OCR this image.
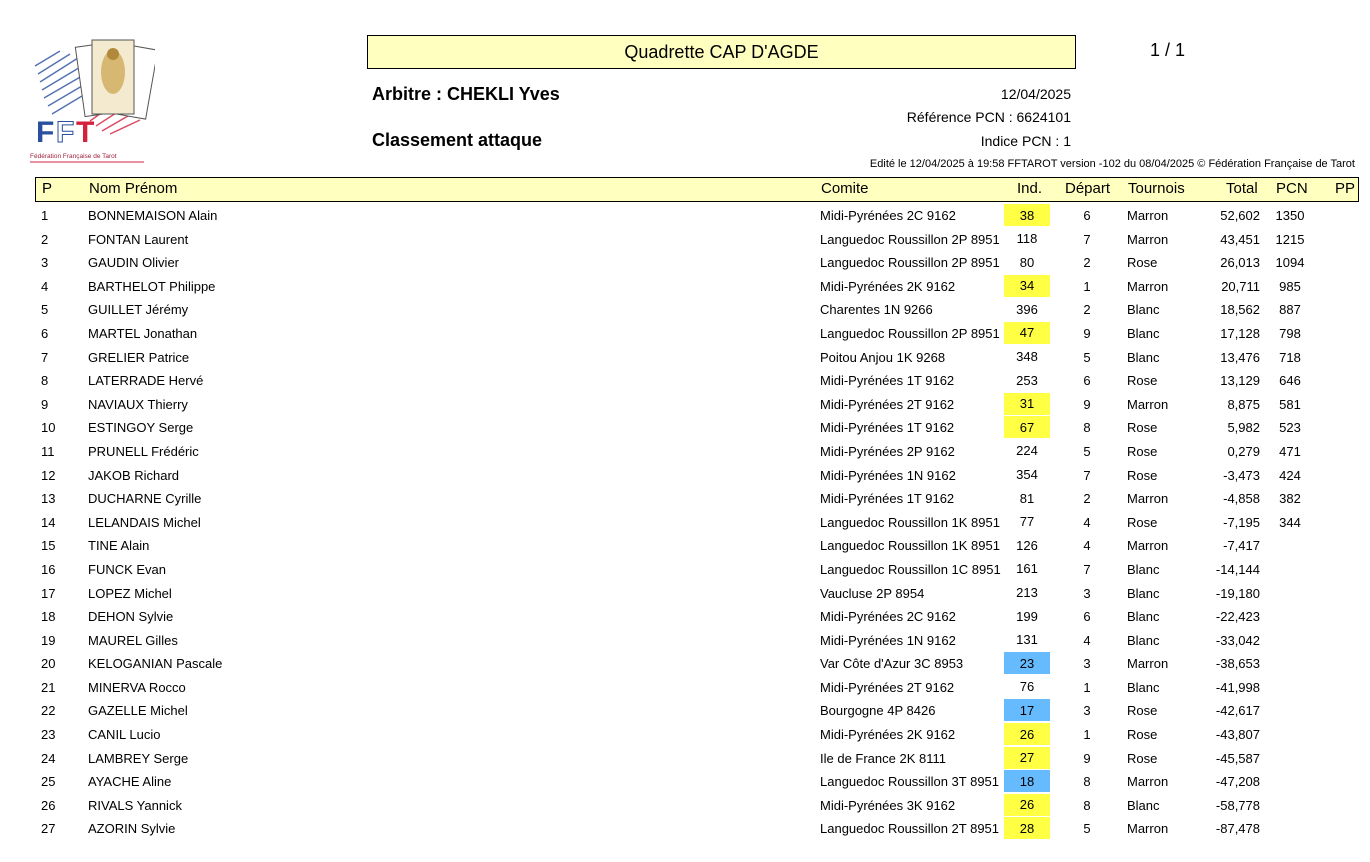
F F T
Fédération Française de Tarot
Quadrette CAP D'AGDE	1 / 1
Arbitre : CHEKLI Yves
Classement attaque
12/04/2025
Référence PCN : 6624101
Indice PCN : 1
Edité le 12/04/2025 à 19:58 FFTAROT version -102 du 08/04/2025 © Fédération Française de Tarot
P Nom Prénom	Comite	Ind. Départ Tournois	Total PCN PP
1	BONNEMAISON Alain	Midi-Pyrénées 2C 9162	38	6	Marron	52,602	1350
2	FONTAN Laurent	Languedoc Roussillon 2P 8951	118	7	Marron	43,451	1215
3	GAUDIN Olivier	Languedoc Roussillon 2P 8951	80	2	Rose	26,013	1094
4	BARTHELOT Philippe	Midi-Pyrénées 2K 9162	34	1	Marron	20,711	985
5	GUILLET Jérémy	Charentes 1N 9266	396	2	Blanc	18,562	887
6	MARTEL Jonathan	Languedoc Roussillon 2P 8951	47	9	Blanc	17,128	798
7	GRELIER Patrice	Poitou Anjou 1K 9268	348	5	Blanc	13,476	718
8	LATERRADE Hervé	Midi-Pyrénées 1T 9162	253	6	Rose	13,129	646
9	NAVIAUX Thierry	Midi-Pyrénées 2T 9162	31	9	Marron	8,875	581
10	ESTINGOY Serge	Midi-Pyrénées 1T 9162	67	8	Rose	5,982	523
11	PRUNELL Frédéric	Midi-Pyrénées 2P 9162	224	5	Rose	0,279	471
12	JAKOB Richard	Midi-Pyrénées 1N 9162	354	7	Rose	-3,473	424
13	DUCHARNE Cyrille	Midi-Pyrénées 1T 9162	81	2	Marron	-4,858	382
14	LELANDAIS Michel	Languedoc Roussillon 1K 8951	77	4	Rose	-7,195	344
15	TINE Alain	Languedoc Roussillon 1K 8951	126	4	Marron	-7,417
16	FUNCK Evan	Languedoc Roussillon 1C 8951	161	7	Blanc	-14,144
17	LOPEZ Michel	Vaucluse 2P 8954	213	3	Blanc	-19,180
18	DEHON Sylvie	Midi-Pyrénées 2C 9162	199	6	Blanc	-22,423
19	MAUREL Gilles	Midi-Pyrénées 1N 9162	131	4	Blanc	-33,042
20	KELOGANIAN Pascale	Var Côte d'Azur 3C 8953	23	3	Marron	-38,653
21	MINERVA Rocco	Midi-Pyrénées 2T 9162	76	1	Blanc	-41,998
22	GAZELLE Michel	Bourgogne 4P 8426	17	3	Rose	-42,617
23	CANIL Lucio	Midi-Pyrénées 2K 9162	26	1	Rose	-43,807
24	LAMBREY Serge	Ile de France 2K 8111	27	9	Rose	-45,587
25	AYACHE Aline	Languedoc Roussillon 3T 8951	18	8	Marron	-47,208
26	RIVALS Yannick	Midi-Pyrénées 3K 9162	26	8	Blanc	-58,778
27	AZORIN Sylvie	Languedoc Roussillon 2T 8951	28	5	Marron	-87,478
